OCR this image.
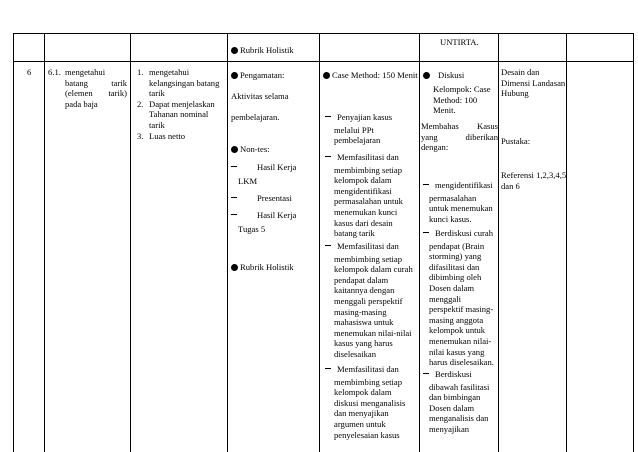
Rubrik Holistik
UNTIRTA.
6 6.1. mengetahui
batang	tarik
(elemen tarik)
pada baja
1. mengetahui
kelangsingan batang
tarik
2. Dapat menjelaskan
Tahanan nominal
tarik
3. Luas netto
Pengamatan:
Aktivitas selama
pembelajaran.
Non-tes:
Hasil Kerja
LKM
Presentasi
Hasil Kerja
Tugas 5
Rubrik Holistik
Case Method: 150 Menit
Penyajian kasus
melalui PPt
pembelajaran
Memfasilitasi dan
membimbing setiap
kelompok dalam
mengidentifikasi
permasalahan untuk
menemukan kunci
kasus dari desain
batang tarik
Memfasilitasi dan
membimbing setiap
kelompok dalam curah
pendapat dalam
kaitannya dengan
menggali perspektif
masing-masing
mahasiswa untuk
menemukan nilai-nilai
kasus yang harus
diselesaikan
Memfasilitasi dan
membimbing setiap
kelompok dalam
diskusi menganalisis
dan menyajikan
argumen untuk
penyelesaian kasus
Diskusi
Kelompok: Case
Method: 100
Menit.
Membahas Kasus
yang	diberikan
dengan:
mengidentifikasi
permasalahan
untuk menemukan
kunci kasus.
Berdiskusi curah
pendapat (Brain
storming) yang
difasilitasi dan
dibimbing oleh
Dosen dalam
menggali
perspektif masing-
masing anggota
kelompok untuk
menemukan nilai-
nilai kasus yang
harus diselesaikan.
Berdiskusi
dibawah fasilitasi
dan bimbingan
Dosen dalam
menganalisis dan
menyajikan
Desain dan
Dimensi Landasan
Hubung
Pustaka:
Referensi 1,2,3,4,5
dan 6
